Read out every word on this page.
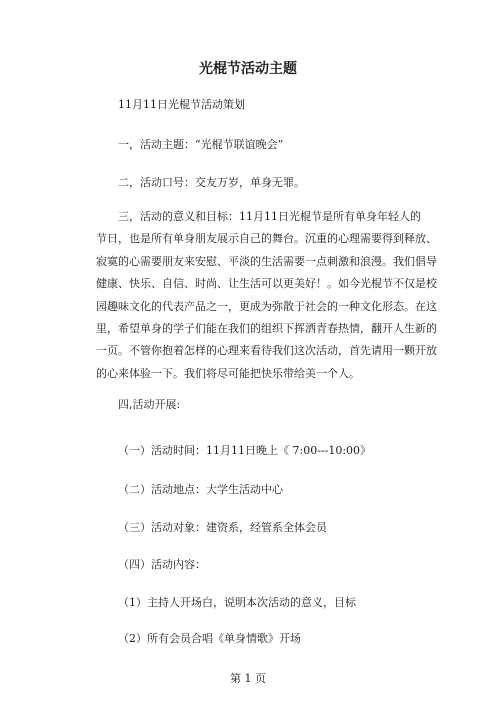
光棍节活动主题
11月11日光棍节活动策划
一，活动主题：“光棍节联谊晚会”
二，活动口号：交友万岁，单身无罪。
三，活动的意义和目标：11月11日光棍节是所有单身年轻人的
节日，也是所有单身朋友展示自己的舞台。沉重的心理需要得到释放、
寂寞的心需要朋友来安慰、平淡的生活需要一点刺激和浪漫。我们倡导
健康、快乐、自信、时尚、让生活可以更美好！。如今光棍节不仅是校
园趣味文化的代表产品之一，更成为弥散于社会的一种文化形态。在这
里，希望单身的学子们能在我们的组织下挥洒青春热情，翻开人生新的
一页。不管你抱着怎样的心理来看待我们这次活动，首先请用一颗开放
的心来体验一下。我们将尽可能把快乐带给美一个人。
四,活动开展:
（一）活动时间：11月11日晚上《 7:00---10:00》
（二）活动地点：大学生活动中心
（三）活动对象：建资系，经管系全体会员
（四）活动内容：
（1）主持人开场白，说明本次活动的意义，目标
（2）所有会员合唱《单身情歌》开场
第 1 页
